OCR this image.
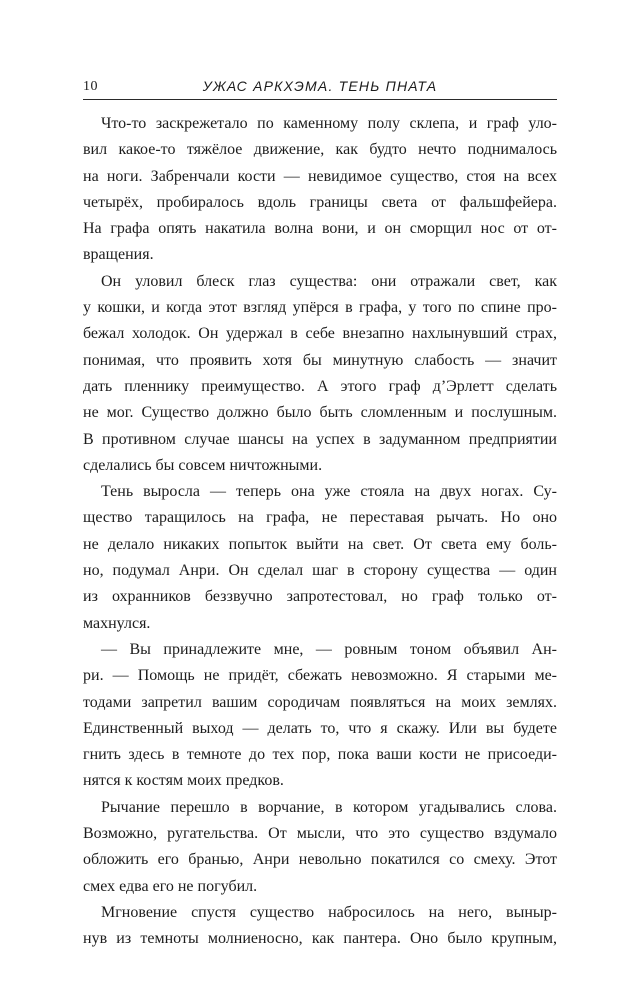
10	УЖАС АРКХЭМА. ТЕНЬ ПНАТА
Что-то заскрежетало по каменному полу склепа, и граф уло-
вил какое-то тяжёлое движение, как будто нечто поднималось
на ноги. Забренчали кости — невидимое существо, стоя на всех
четырёх, пробиралось вдоль границы света от фальшфейера.
На графа опять накатила волна вони, и он сморщил нос от от-
вращения.
Он уловил блеск глаз существа: они отражали свет, как
у кошки, и когда этот взгляд упёрся в графа, у того по спине про-
бежал холодок. Он удержал в себе внезапно нахлынувший страх,
понимая, что проявить хотя бы минутную слабость — значит
дать пленнику преимущество. А этого граф д’Эрлетт сделать
не мог. Существо должно было быть сломленным и послушным.
В противном случае шансы на успех в задуманном предприятии
сделались бы совсем ничтожными.
Тень выросла — теперь она уже стояла на двух ногах. Су-
щество таращилось на графа, не переставая рычать. Но оно
не делало никаких попыток выйти на свет. От света ему боль-
но, подумал Анри. Он сделал шаг в сторону существа — один
из охранников беззвучно запротестовал, но граф только от-
махнулся.
— Вы принадлежите мне, — ровным тоном объявил Ан-
ри. — Помощь не придёт, сбежать невозможно. Я старыми ме-
тодами запретил вашим сородичам появляться на моих землях.
Единственный выход — делать то, что я скажу. Или вы будете
гнить здесь в темноте до тех пор, пока ваши кости не присоеди-
нятся к костям моих предков.
Рычание перешло в ворчание, в котором угадывались слова.
Возможно, ругательства. От мысли, что это существо вздумало
обложить его бранью, Анри невольно покатился со смеху. Этот
смех едва его не погубил.
Мгновение спустя существо набросилось на него, выныр-
нув из темноты молниеносно, как пантера. Оно было крупным,
